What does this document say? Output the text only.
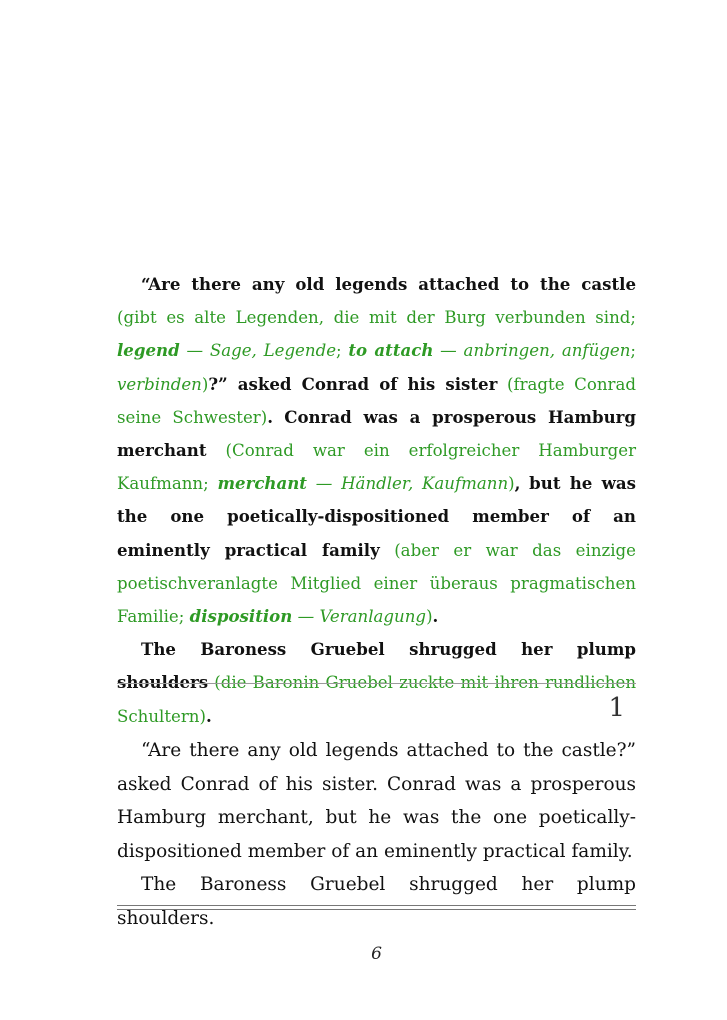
“Are there any old legends attached to the castle (gibt es alte Legenden, die mit der Burg verbunden sind; legend — Sage, Legende; to attach — anbringen, anfügen; verbinden)?” asked Conrad of his sister (fragte Conrad seine Schwester). Conrad was a prosperous Hamburg merchant (Conrad war ein erfolgreicher Hamburger Kaufmann; merchant — Händler, Kaufmann), but he was the one poetically-dispositioned member of an eminently practical family (aber er war das einzige poetischveranlagte Mitglied einer überaus pragmatischen Familie; disposition — Veranlagung).

The Baroness Gruebel shrugged her plump shoulders (die Baronin Gruebel zuckte mit ihren rundlichen Schultern).	1

“Are there any old legends attached to the castle?” asked Conrad of his sister. Conrad was a prosperous Hamburg merchant, but he was the one poetically-dispositioned member of an eminently practical family.

The Baroness Gruebel shrugged her plump shoulders.

6
